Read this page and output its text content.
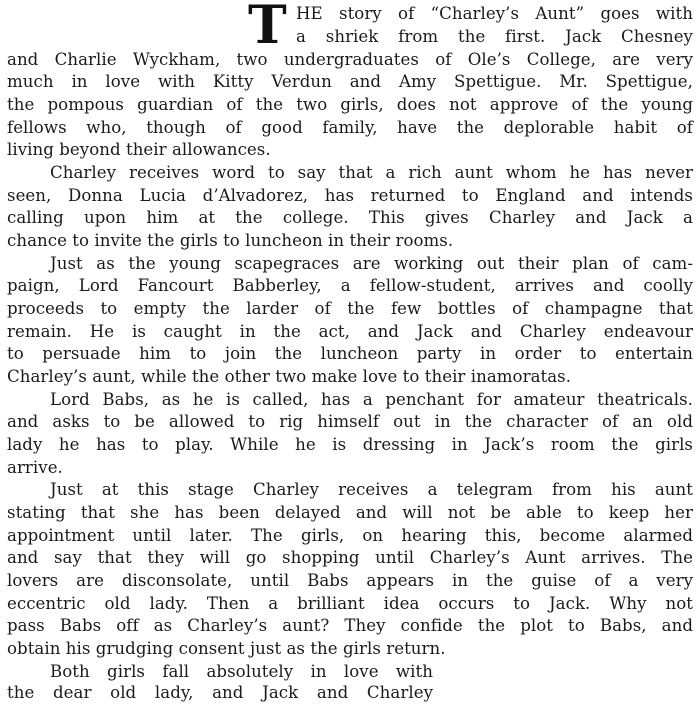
T HE story of “Charley’s Aunt” goes with
a shriek from the first. Jack Chesney
and Charlie Wyckham, two undergraduates of Ole’s College, are very
much in love with Kitty Verdun and Amy Spettigue. Mr. Spettigue,
the pompous guardian of the two girls, does not approve of the young
fellows who, though of good family, have the deplorable habit of
living beyond their allowances.
Charley receives word to say that a rich aunt whom he has never
seen, Donna Lucia d’Alvadorez, has returned to England and intends
calling upon him at the college. This gives Charley and Jack a
chance to invite the girls to luncheon in their rooms.
Just as the young scapegraces are working out their plan of cam-
paign, Lord Fancourt Babberley, a fellow-student, arrives and coolly
proceeds to empty the larder of the few bottles of champagne that
remain. He is caught in the act, and Jack and Charley endeavour
to persuade him to join the luncheon party in order to entertain
Charley’s aunt, while the other two make love to their inamoratas.
Lord Babs, as he is called, has a penchant for amateur theatricals.
and asks to be allowed to rig himself out in the character of an old
lady he has to play. While he is dressing in Jack’s room the girls
arrive.
Just at this stage Charley receives a telegram from his aunt
stating that she has been delayed and will not be able to keep her
appointment until later. The girls, on hearing this, become alarmed
and say that they will go shopping until Charley’s Aunt arrives. The
lovers are disconsolate, until Babs appears in the guise of a very
eccentric old lady. Then a brilliant idea occurs to Jack. Why not
pass Babs off as Charley’s aunt? They confide the plot to Babs, and
obtain his grudging consent just as the girls return.
Both girls fall absolutely in love with
the dear old lady, and Jack and Charley
